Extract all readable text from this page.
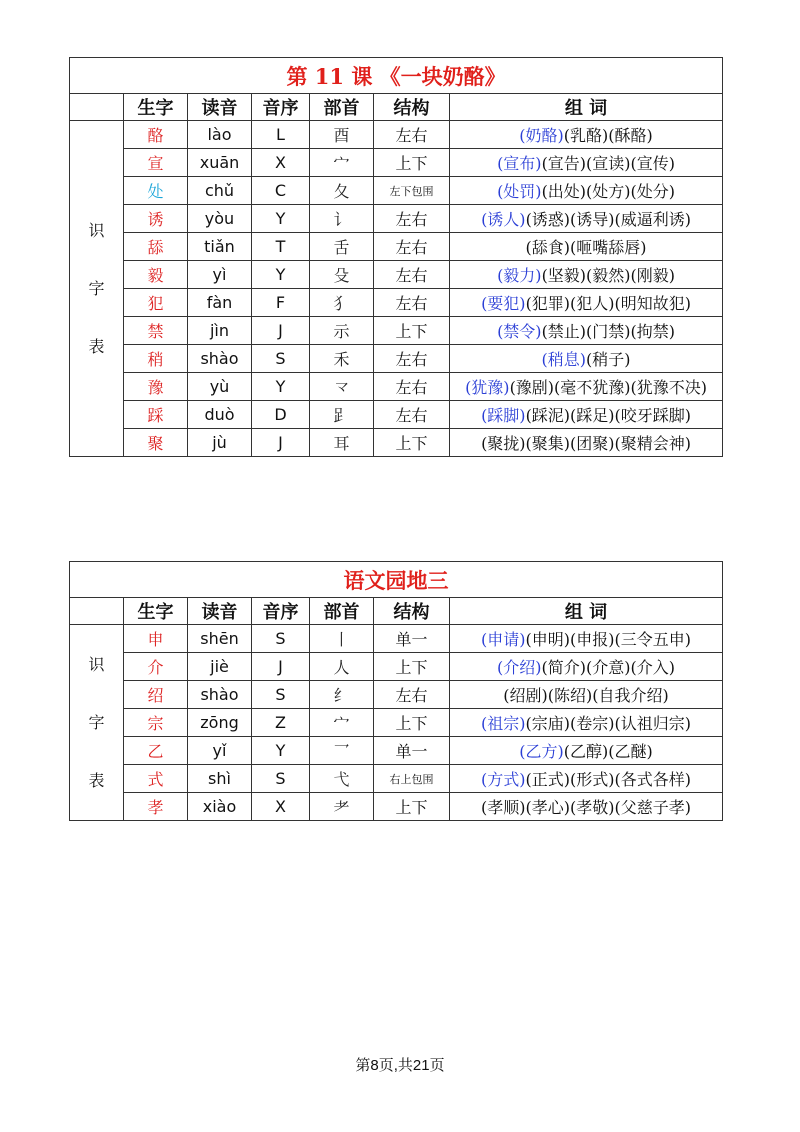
第 11 课 《一块奶酪》						
	生字	读音	音序	部首	结构	组 词

识
字
表	酪	lào	L	酉	左右	(奶酪)(乳酪)(酥酪)
	宣	xuān	X	宀	上下	(宣布)(宣告)(宣读)(宣传)
	处	chǔ	C	夂	左下包围	(处罚)(出处)(处方)(处分)
	诱	yòu	Y	讠	左右	(诱人)(诱惑)(诱导)(威逼利诱)
	舔	tiǎn	T	舌	左右	(舔食)(咂嘴舔唇)
	毅	yì	Y	殳	左右	(毅力)(坚毅)(毅然)(刚毅)
	犯	fàn	F	犭	左右	(要犯)(犯罪)(犯人)(明知故犯)
	禁	jìn	J	示	上下	(禁令)(禁止)(门禁)(拘禁)
	稍	shào	S	禾	左右	(稍息)(稍子)
	豫	yù	Y	龴	左右	(犹豫)(豫剧)(毫不犹豫)(犹豫不决)
	踩	duò	D	𧾷	左右	(踩脚)(踩泥)(踩足)(咬牙踩脚)
	聚	jù	J	耳	上下	(聚拢)(聚集)(团聚)(聚精会神)
语文园地三						
	生字	读音	音序	部首	结构	组 词

识
字
表	申	shēn	S	丨	单一	(申请)(申明)(申报)(三令五申)
	介	jiè	J	人	上下	(介绍)(简介)(介意)(介入)
	绍	shào	S	纟	左右	(绍剧)(陈绍)(自我介绍)
	宗	zōng	Z	宀	上下	(祖宗)(宗庙)(卷宗)(认祖归宗)
	乙	yǐ	Y	乛	单一	(乙方)(乙醇)(乙醚)
	式	shì	S	弋	右上包围	(方式)(正式)(形式)(各式各样)
	孝	xiào	X	耂	上下	(孝顺)(孝心)(孝敬)(父慈子孝)
第8页,共21页
